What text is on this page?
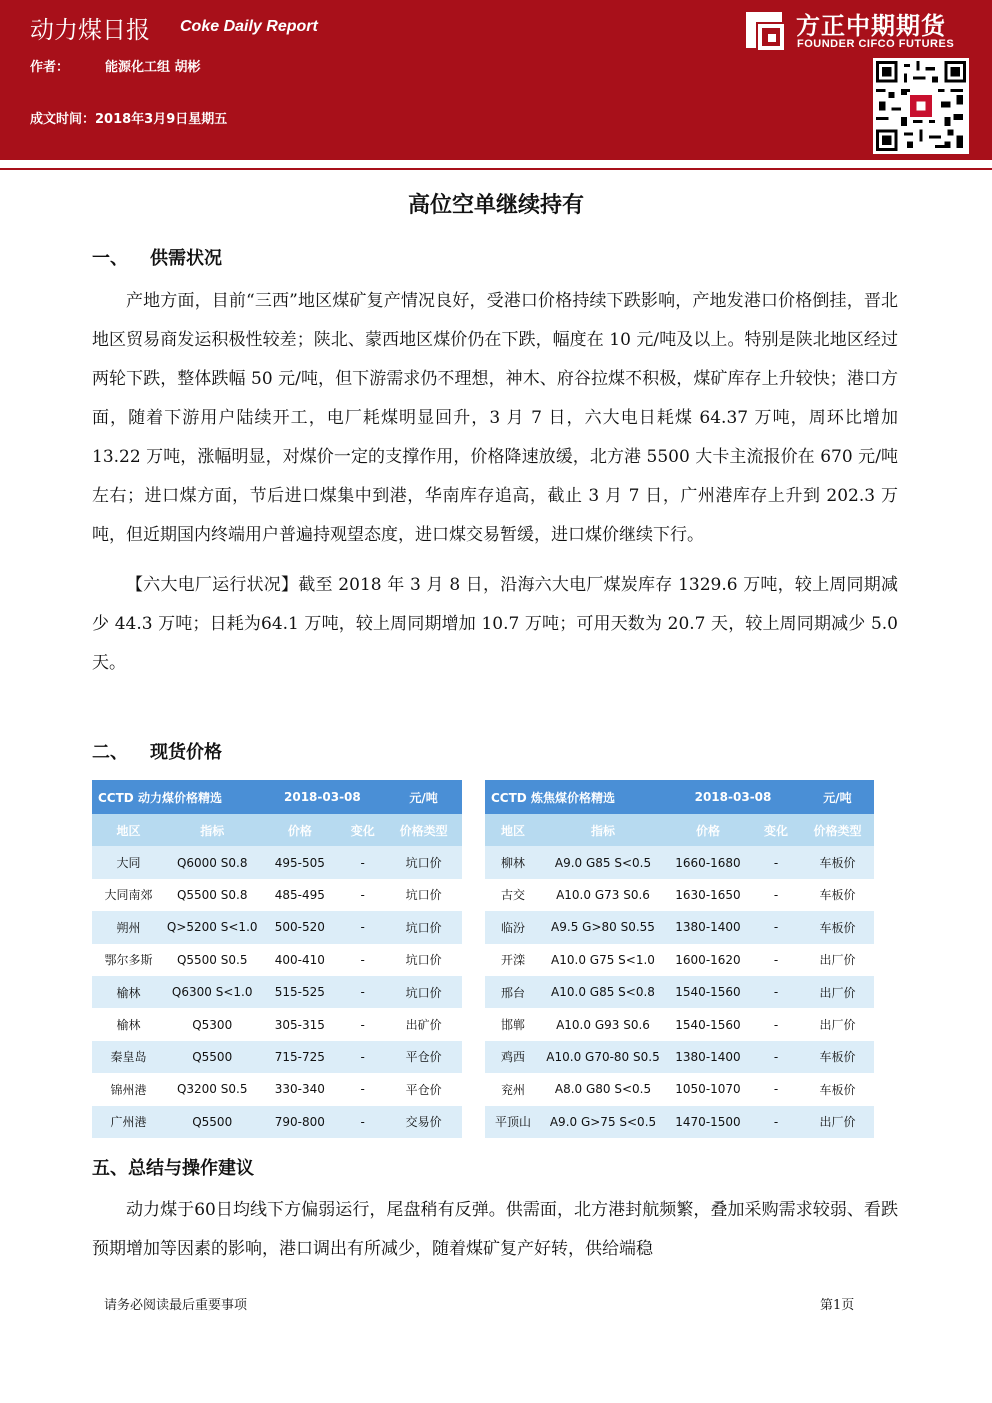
动力煤日报 Coke Daily Report
作者：	能源化工组 胡彬
成文时间：2018年3月9日星期五
方正中期期货
FOUNDER CIFCO FUTURES
高位空单继续持有
一、 供需状况

产地方面，目前“三西”地区煤矿复产情况良好，受港口价格持续下跌影响，产地发港口价格倒挂，晋北地区贸易商发运积极性较差；陕北、蒙西地区煤价仍在下跌，幅度在 10 元/吨及以上。特别是陕北地区经过两轮下跌，整体跌幅 50 元/吨，但下游需求仍不理想，神木、府谷拉煤不积极，煤矿库存上升较快；港口方面，随着下游用户陆续开工，电厂耗煤明显回升，3 月 7 日，六大电日耗煤 64.37 万吨，周环比增加 13.22 万吨，涨幅明显，对煤价一定的支撑作用，价格降速放缓，北方港 5500 大卡主流报价在 670 元/吨左右；进口煤方面，节后进口煤集中到港，华南库存追高，截止 3 月 7 日，广州港库存上升到 202.3 万吨，但近期国内终端用户普遍持观望态度，进口煤交易暂缓，进口煤价继续下行。

【六大电厂运行状况】截至 2018 年 3 月 8 日，沿海六大电厂煤炭库存 1329.6 万吨，较上周同期减少 44.3 万吨；日耗为64.1 万吨，较上周同期增加 10.7 万吨；可用天数为 20.7 天，较上周同期减少 5.0 天。

二、 现货价格
CCTD 动力煤价格精选		2018-03-08		元/吨
地区	指标	价格	变化	价格类型
大同	Q6000 S0.8	495-505	-	坑口价
大同南郊	Q5500 S0.8	485-495	-	坑口价
朔州	Q>5200 S<1.0	500-520	-	坑口价
鄂尔多斯	Q5500 S0.5	400-410	-	坑口价
榆林	Q6300 S<1.0	515-525	-	坑口价
榆林	Q5300	305-315	-	出矿价
秦皇岛	Q5500	715-725	-	平仓价
锦州港	Q3200 S0.5	330-340	-	平仓价
广州港	Q5500	790-800	-	交易价
CCTD 炼焦煤价格精选		2018-03-08		元/吨
地区	指标	价格	变化	价格类型
柳林	A9.0 G85 S<0.5	1660-1680	-	车板价
古交	A10.0 G73 S0.6	1630-1650	-	车板价
临汾	A9.5 G>80 S0.55	1380-1400	-	车板价
开滦	A10.0 G75 S<1.0	1600-1620	-	出厂价
邢台	A10.0 G85 S<0.8	1540-1560	-	出厂价
邯郸	A10.0 G93 S0.6	1540-1560	-	出厂价
鸡西	A10.0 G70-80 S0.5	1380-1400	-	车板价
兖州	A8.0 G80 S<0.5	1050-1070	-	车板价
平顶山	A9.0 G>75 S<0.5	1470-1500	-	出厂价
五、总结与操作建议

动力煤于60日均线下方偏弱运行，尾盘稍有反弹。供需面，北方港封航频繁，叠加采购需求较弱、看跌预期增加等因素的影响，港口调出有所减少，随着煤矿复产好转，供给端稳

请务必阅读最后重要事项	第1页
